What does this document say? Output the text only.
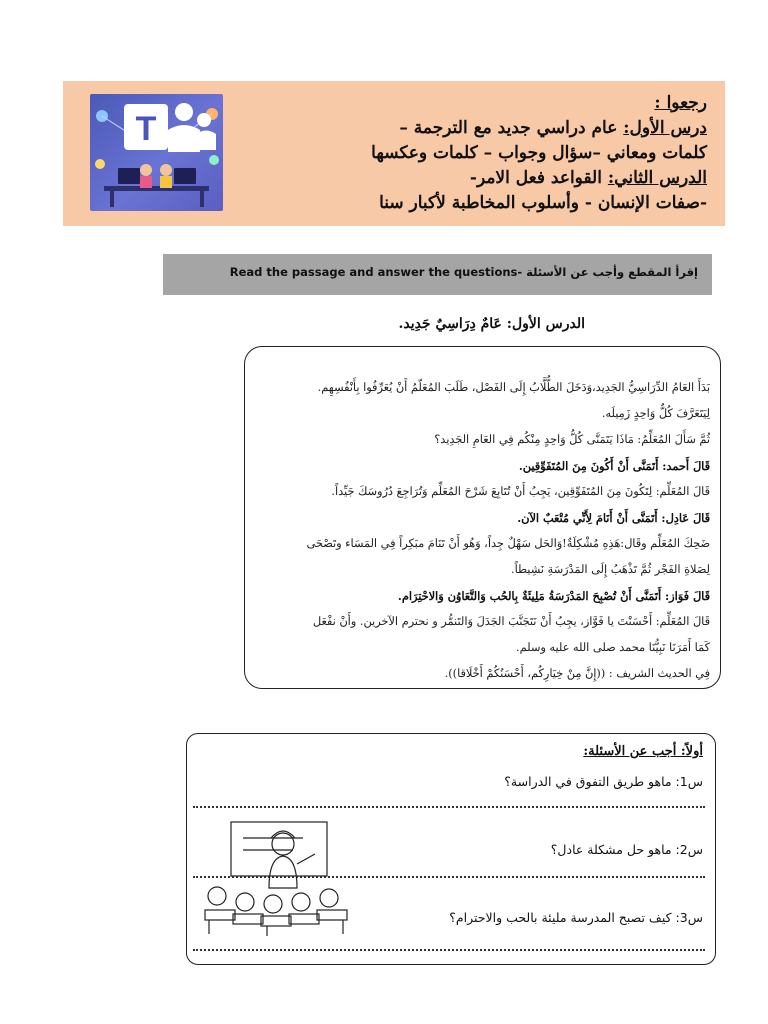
T
رجعوا :
درس الأول: عام دراسي جديد مع الترجمة –
كلمات ومعاني –سؤال وجواب – كلمات وعكسها
الدرس الثاني: القواعد فعل الامر-
-صفات الإنسان - وأسلوب المخاطبة لأكبار سنا
إقرأ المقطع وأجب عن الأسئلة -Read the passage and answer the questions
الدرس الأول: عَامٌ دِرَاسِيٌ جَدِيد.
بَدَأَ العَامُ الدِّرَاسِيُّ الجَدِيد،وَدَخَلَ الطُّلَّابُ إِلَى الفَصْل، طَلَبَ المُعَلّمُ أَنْ يُعَرِّفُوا بِأَنْفُسِهِم.
لِيَتَعَرَّفَ كُلٌّ وَاحِدٍ زَمِيلَه.
ثُمَّ سَأَلَ المُعَلِّمُ: مَاذَا يَتَمَنَّى كُلُّ وَاحِدٍ مِنْكُم فِي العَامِ الجَدِيد؟
قَالَ أَحمد: أَتَمَنَّى أَنْ أَكُونَ مِنَ المُتَفَوِّقِين.
قَالَ المُعَلِّم: لِتَكُونَ مِنَ المُتَفَوِّقِين، يَجِبُ أَنْ تُتَابِعَ شَرْحَ المُعَلِّم وَتُرَاجِعَ دُرُوسَكَ جَيِّداً.
قَالَ عَادِل: أَتَمَنَّى أَنْ أَنَامَ لِأَنِّي مُتْعَبٌ الآن.
ضَحِكَ المُعَلِّم وقَال:هَذِهِ مُشْكِلَةٌ!وَالحَل سَهْلٌ جِداً، وَهُو أَنْ تَنَامَ مبَكِراً فِي المَسَاء وتَصْحَى
لِصَلاةِ الفَجْر ثُمَّ تَذْهَبُ إِلَى المَدْرَسَةِ نَشِيطاً.
قَالَ فَوَاز: أَتَمَنَّى أَنْ تُصْبِحَ المَدْرَسَةُ مَلِيئَةٌ بِالحُب وَالتَّعَاوُن وَالاحْتِرَام.
قَالَ المُعَلِّم: أَحْسَنْتَ يا فَوَّاز، يجِبُ أَنْ نَتَجَنَّبَ الجَدَلَ وَالتَنمُّر و نحترم الآخرين. وأَنْ نفْعَل
كَمَا أَمَرَنَا نَبِيُّنَا محمد صلى الله عليه وسلم.
فِي الحديث الشريف : ((إِنَّ مِنْ خِيَارِكُم، أَحْسَنُكُمْ أَخْلَاقا)).
أولاً: أجب عن الأسئلة:
س1: ماهو طريق التفوق في الدراسة؟
س2: ماهو حل مشكلة عادل؟
س3: كيف تصبح المدرسة مليئة بالحب والاحترام؟
